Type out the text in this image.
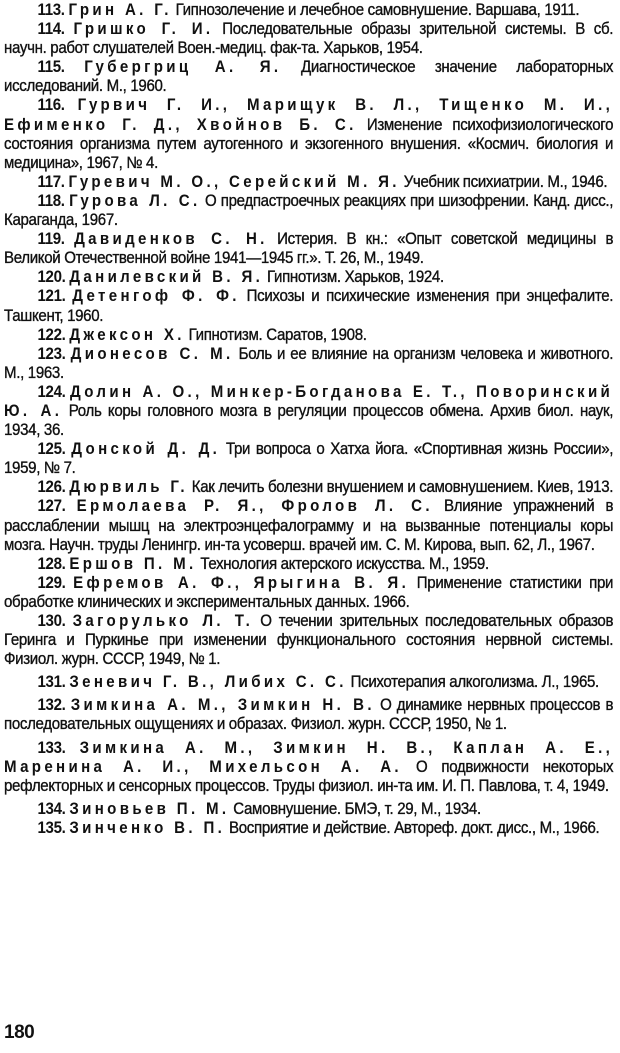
113. Грин А. Г. Гипнозолечение и лечебное самовнушение. Варшава, 1911.

114. Гришко Г. И. Последовательные образы зрительной системы. В сб. научн. работ слушателей Воен.-медиц. фак-та. Харьков, 1954.

115. Губергриц А. Я. Диагностическое значение лабораторных исследований. М., 1960.

116. Гурвич Г. И., Марищук В. Л., Тищенко М. И., Ефименко Г. Д., Хвойнов Б. С. Изменение психофизиологического состояния организма путем аутогенного и экзогенного внушения. «Космич. биология и медицина», 1967, № 4.

117. Гуревич М. О., Серейский М. Я. Учебник психиатрии. М., 1946.

118. Гурова Л. С. О предпастроечных реакциях при шизофрении. Канд. дисс., Караганда, 1967.

119. Давиденков С. Н. Истерия. В кн.: «Опыт советской медицины в Великой Отечественной войне 1941—1945 гг.». Т. 26, М., 1949.

120. Данилевский В. Я. Гипнотизм. Харьков, 1924.

121. Детенгоф Ф. Ф. Психозы и психические изменения при энцефалите. Ташкент, 1960.

122. Джексон Х. Гипнотизм. Саратов, 1908.

123. Дионесов С. М. Боль и ее влияние на организм человека и животного. М., 1963.

124. Долин А. О., Минкер-Богданова Е. Т., Поворинский Ю. А. Роль коры головного мозга в регуляции процессов обмена. Архив биол. наук, 1934, 36.

125. Донской Д. Д. Три вопроса о Хатха йога. «Спортивная жизнь России», 1959, № 7.

126. Дюрвиль Г. Как лечить болезни внушением и самовнушением. Киев, 1913.

127. Ермолаева Р. Я., Фролов Л. С. Влияние упражнений в расслаблении мышц на электроэнцефалограмму и на вызванные потенциалы коры мозга. Научн. труды Ленингр. ин-та усоверш. врачей им. С. М. Кирова, вып. 62, Л., 1967.

128. Ершов П. М. Технология актерского искусства. М., 1959.

129. Ефремов А. Ф., Ярыгина В. Я. Применение статистики при обработке клинических и экспериментальных данных. 1966.

130. Загорулько Л. Т. О течении зрительных последовательных образов Геринга и Пуркинье при изменении функционального состояния нервной системы. Физиол. журн. СССР, 1949, № 1.

131. Зеневич Г. В., Либих С. С. Психотерапия алкоголизма. Л., 1965.

132. Зимкина А. М., Зимкин Н. В. О динамике нервных процессов в последовательных ощущениях и образах. Физиол. журн. СССР, 1950, № 1.

133. Зимкина А. М., Зимкин Н. В., Каплан А. Е., Маренина А. И., Михельсон А. А. О подвижности некоторых рефлекторных и сенсорных процессов. Труды физиол. ин-та им. И. П. Павлова, т. 4, 1949.

134. Зиновьев П. М. Самовнушение. БМЭ, т. 29, М., 1934.

135. Зинченко В. П. Восприятие и действие. Автореф. докт. дисс., М., 1966.

180
